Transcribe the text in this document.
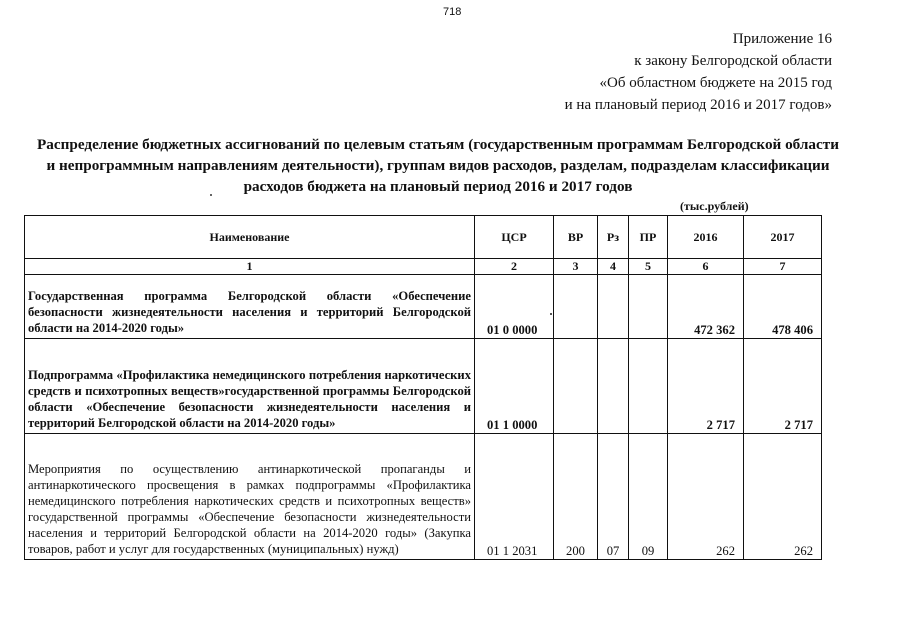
718
Приложение 16
к закону Белгородской области
«Об областном бюджете на 2015 год
и на плановый период 2016 и 2017 годов»
Распределение бюджетных ассигнований по целевым статьям (государственным программам Белгородской области
и непрограммным направлениям деятельности), группам видов расходов, разделам, подразделам классификации
расходов бюджета на плановый период 2016 и 2017 годов
(тыс.рублей)
Наименование	ЦСР	ВР	Рз	ПР	2016	2017
1	2	3	4	5	6	7
Государственная программа Белгородской области «Обеспечение безопасности жизнедеятельности населения и территорий Белгородской области на 2014-2020 годы»	01 0 0000				472 362	478 406
Подпрограмма «Профилактика немедицинского потребления наркотических средств и психотропных веществ»государственной программы Белгородской области «Обеспечение безопасности жизнедеятельности населения и территорий Белгородской области на 2014-2020 годы»	01 1 0000				2 717	2 717
Мероприятия по осуществлению антинаркотической пропаганды и антинаркотического просвещения в рамках подпрограммы «Профилактика немедицинского потребления наркотических средств и психотропных веществ» государственной программы «Обеспечение безопасности жизнедеятельности населения и территорий Белгородской области на 2014-2020 годы» (Закупка товаров, работ и услуг для государственных (муниципальных) нужд)	01 1 2031	200	07	09	262	262
